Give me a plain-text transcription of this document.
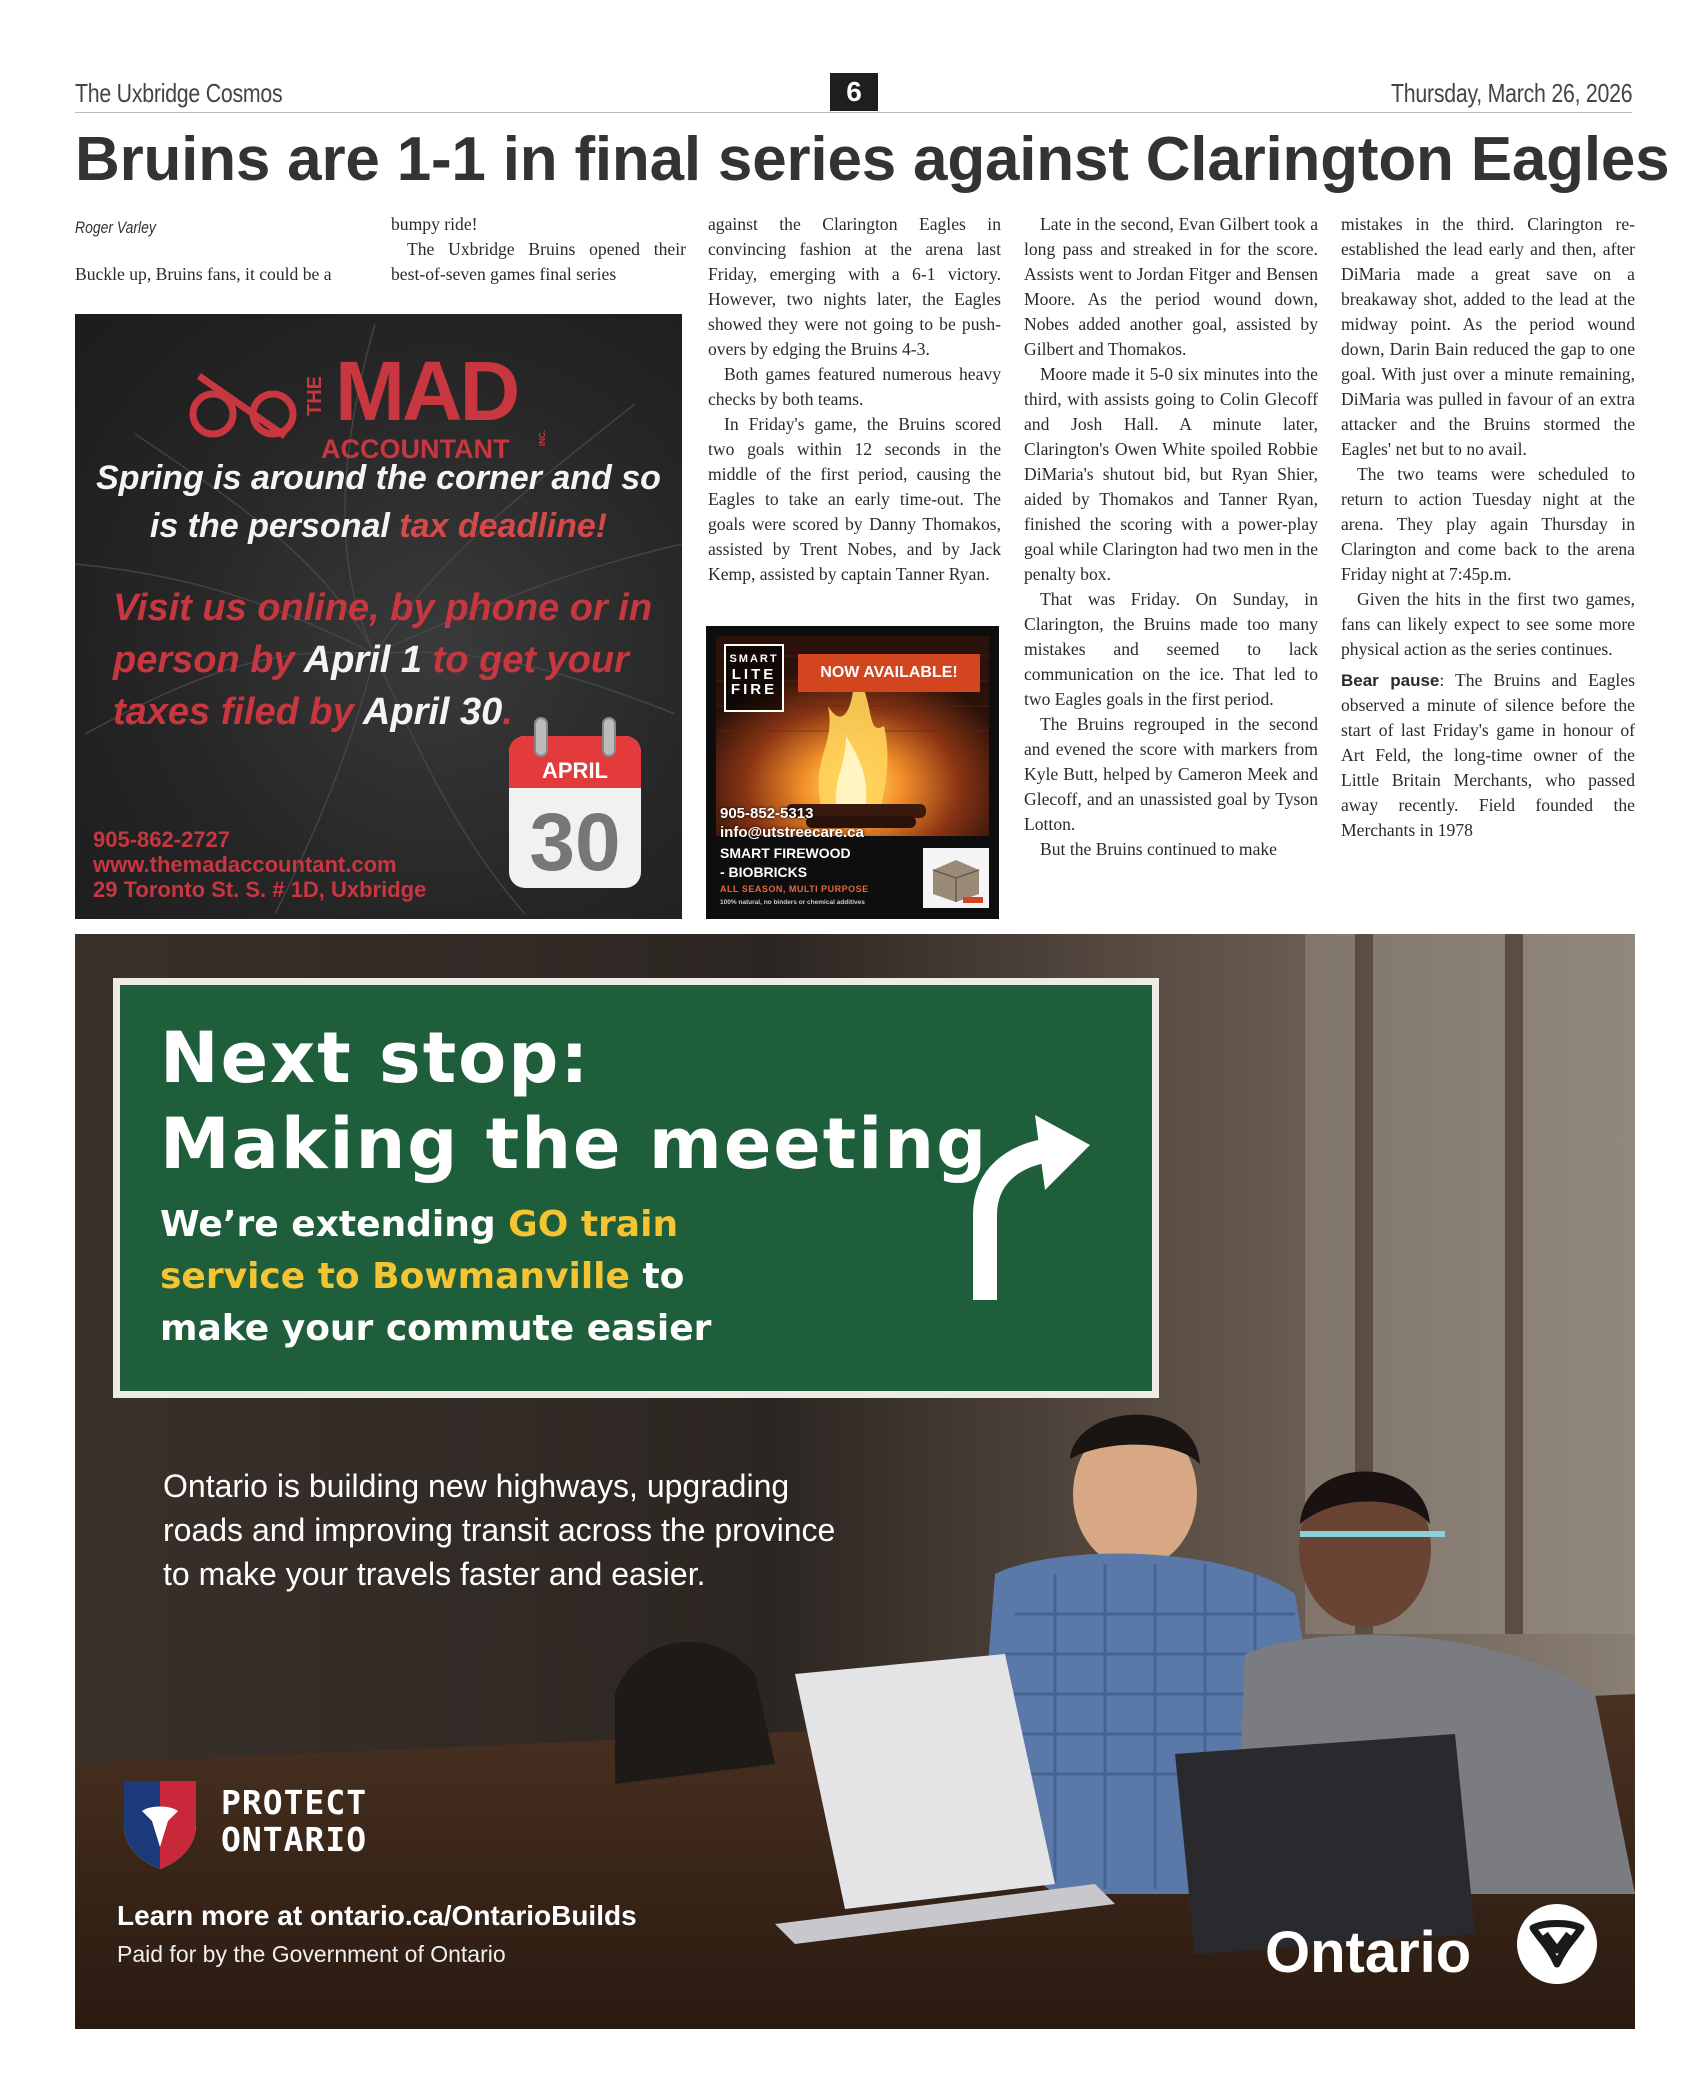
The Uxbridge Cosmos	6	Thursday, March 26, 2026
Bruins are 1-1 in final series against Clarington Eagles
Roger Varley

Buckle up, Bruins fans, it could be a

bumpy ride!

The Uxbridge Bruins opened their best-of-seven games final series

against the Clarington Eagles in convincing fashion at the arena last Friday, emerging with a 6-1 victory. However, two nights later, the Eagles showed they were not going to be push-overs by edging the Bruins 4-3.

Both games featured numerous heavy checks by both teams.

In Friday's game, the Bruins scored two goals within 12 seconds in the middle of the first period, causing the Eagles to take an early time-out. The goals were scored by Danny Thomakos, assisted by Trent Nobes, and by Jack Kemp, assisted by captain Tanner Ryan.

Late in the second, Evan Gilbert took a long pass and streaked in for the score. Assists went to Jordan Fitger and Bensen Moore. As the period wound down, Nobes added another goal, assisted by Gilbert and Thomakos.

Moore made it 5-0 six minutes into the third, with assists going to Colin Glecoff and Josh Hall. A minute later, Clarington's Owen White spoiled Robbie DiMaria's shutout bid, but Ryan Shier, aided by Thomakos and Tanner Ryan, finished the scoring with a power-play goal while Clarington had two men in the penalty box.

That was Friday. On Sunday, in Clarington, the Bruins made too many mistakes and seemed to lack communication on the ice. That led to two Eagles goals in the first period.

The Bruins regrouped in the second and evened the score with markers from Kyle Butt, helped by Cameron Meek and Glecoff, and an unassisted goal by Tyson Lotton.

But the Bruins continued to make

mistakes in the third. Clarington re-established the lead early and then, after DiMaria made a great save on a breakaway shot, added to the lead at the midway point. As the period wound down, Darin Bain reduced the gap to one goal. With just over a minute remaining, DiMaria was pulled in favour of an extra attacker and the Bruins stormed the Eagles' net but to no avail.

The two teams were scheduled to return to action Tuesday night at the arena. They play again Thursday in Clarington and come back to the arena Friday night at 7:45p.m.

Given the hits in the first two games, fans can likely expect to see some more physical action as the series continues.

Bear pause: The Bruins and Eagles observed a minute of silence before the start of last Friday's game in honour of Art Feld, the long-time owner of the Little Britain Merchants, who passed away recently. Field founded the Merchants in 1978

THE MAD
ACCOUNTANT	INC.
Spring is around the corner and so
is the personal tax deadline!
Visit us online, by phone or in person by April 1 to get your taxes filed by April 30.
APRIL
30
905-862-2727
www.themadaccountant.com
29 Toronto St. S. # 1D, Uxbridge
SMART
LITE
FIRE
NOW AVAILABLE!
905-852-5313
info@utstreecare.ca
SMART FIREWOOD
- BIOBRICKS
ALL SEASON, MULTI PURPOSE
100% natural, no binders or chemical additives
Next stop:
Making the meeting
We’re extending GO train
service to Bowmanville to
make your commute easier
Ontario is building new highways, upgrading
roads and improving transit across the province
to make your travels faster and easier.
PROTECT
ONTARIO
Learn more at ontario.ca/OntarioBuilds
Paid for by the Government of Ontario	Ontario
